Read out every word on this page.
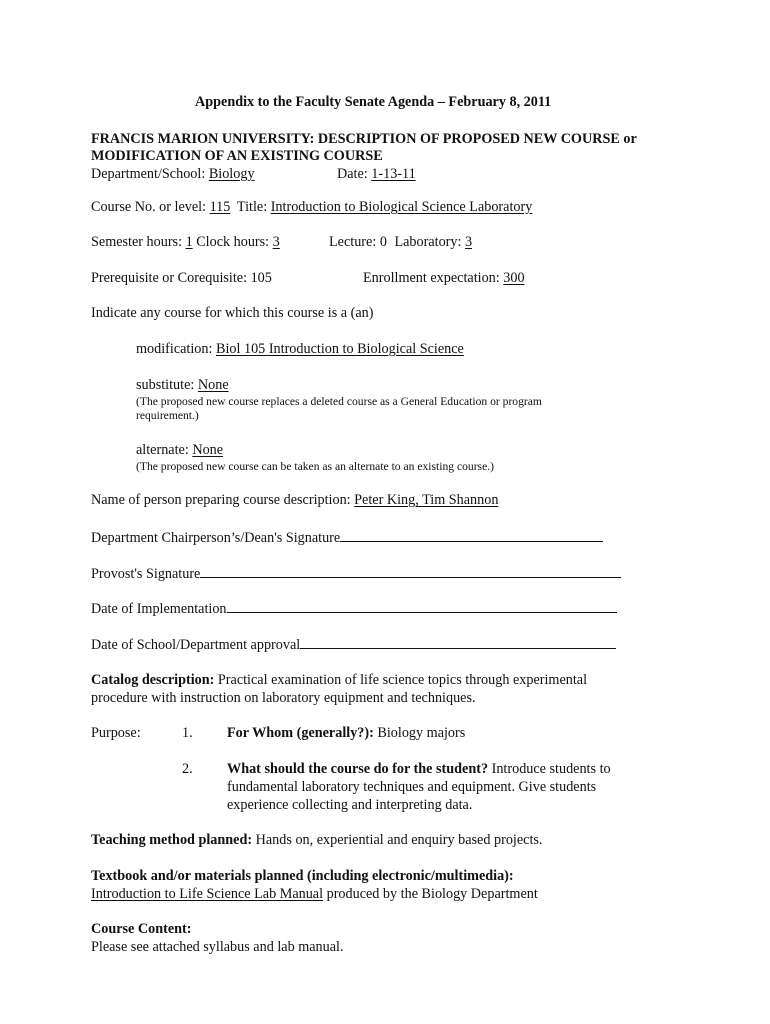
Appendix to the Faculty Senate Agenda – February 8, 2011
FRANCIS MARION UNIVERSITY: DESCRIPTION OF PROPOSED NEW COURSE or
MODIFICATION OF AN EXISTING COURSE
Department/School: Biology	Date: 1-13-11
Course No. or level: 115 Title: Introduction to Biological Science Laboratory
Semester hours: 1 Clock hours: 3	Lecture: 0 Laboratory: 3
Prerequisite or Corequisite: 105	Enrollment expectation: 300
Indicate any course for which this course is a (an)
modification: Biol 105 Introduction to Biological Science
substitute: None
(The proposed new course replaces a deleted course as a General Education or program
requirement.)
alternate: None
(The proposed new course can be taken as an alternate to an existing course.)
Name of person preparing course description: Peter King, Tim Shannon
Department Chairperson’s/Dean's Signature
Provost's Signature
Date of Implementation
Date of School/Department approval
Catalog description: Practical examination of life science topics through experimental
procedure with instruction on laboratory equipment and techniques.
Purpose:	1. For Whom (generally?): Biology majors
2. What should the course do for the student? Introduce students to
fundamental laboratory techniques and equipment. Give students
experience collecting and interpreting data.
Teaching method planned: Hands on, experiential and enquiry based projects.
Textbook and/or materials planned (including electronic/multimedia):
Introduction to Life Science Lab Manual produced by the Biology Department
Course Content:
Please see attached syllabus and lab manual.
